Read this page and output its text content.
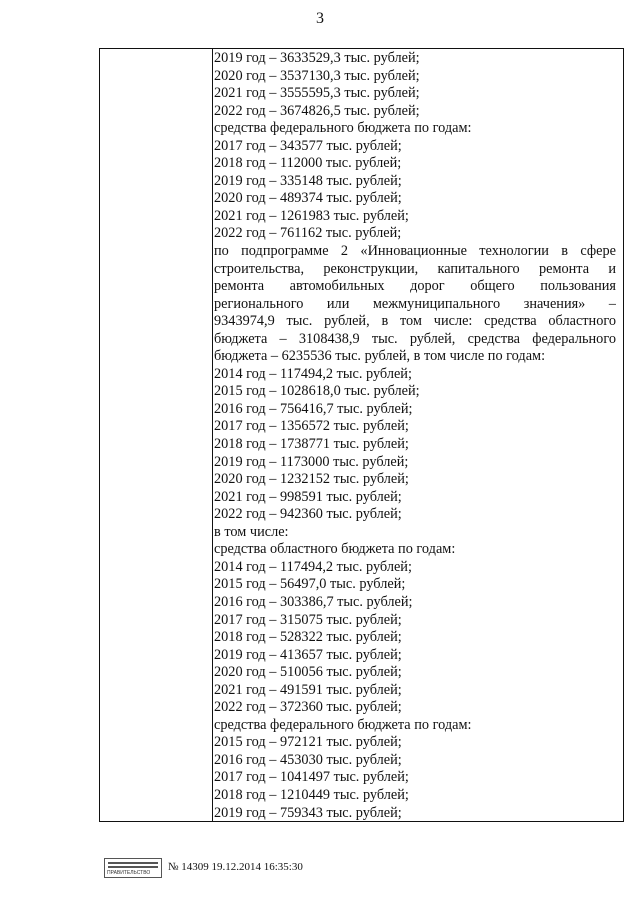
3
2019 год – 3633529,3 тыс. рублей;
2020 год – 3537130,3 тыс. рублей;
2021 год – 3555595,3 тыс. рублей;
2022 год – 3674826,5 тыс. рублей;
средства федерального бюджета по годам:
2017 год – 343577 тыс. рублей;
2018 год – 112000 тыс. рублей;
2019 год – 335148 тыс. рублей;
2020 год – 489374 тыс. рублей;
2021 год – 1261983 тыс. рублей;
2022 год – 761162 тыс. рублей;
по подпрограмме 2 «Инновационные технологии в сфере
строительства, реконструкции, капитального ремонта и
ремонта автомобильных дорог общего пользования
регионального или межмуниципального значения» –
9343974,9 тыс. рублей, в том числе: средства областного
бюджета – 3108438,9 тыс. рублей, средства федерального
бюджета – 6235536 тыс. рублей, в том числе по годам:
2014 год – 117494,2 тыс. рублей;
2015 год – 1028618,0 тыс. рублей;
2016 год – 756416,7 тыс. рублей;
2017 год – 1356572 тыс. рублей;
2018 год – 1738771 тыс. рублей;
2019 год – 1173000 тыс. рублей;
2020 год – 1232152 тыс. рублей;
2021 год – 998591 тыс. рублей;
2022 год – 942360 тыс. рублей;
в том числе:
средства областного бюджета по годам:
2014 год – 117494,2 тыс. рублей;
2015 год – 56497,0 тыс. рублей;
2016 год – 303386,7 тыс. рублей;
2017 год – 315075 тыс. рублей;
2018 год – 528322 тыс. рублей;
2019 год – 413657 тыс. рублей;
2020 год – 510056 тыс. рублей;
2021 год – 491591 тыс. рублей;
2022 год – 372360 тыс. рублей;
средства федерального бюджета по годам:
2015 год – 972121 тыс. рублей;
2016 год – 453030 тыс. рублей;
2017 год – 1041497 тыс. рублей;
2018 год – 1210449 тыс. рублей;
2019 год – 759343 тыс. рублей;
ПРАВИТЕЛЬСТВО № 14309 19.12.2014 16:35:30
